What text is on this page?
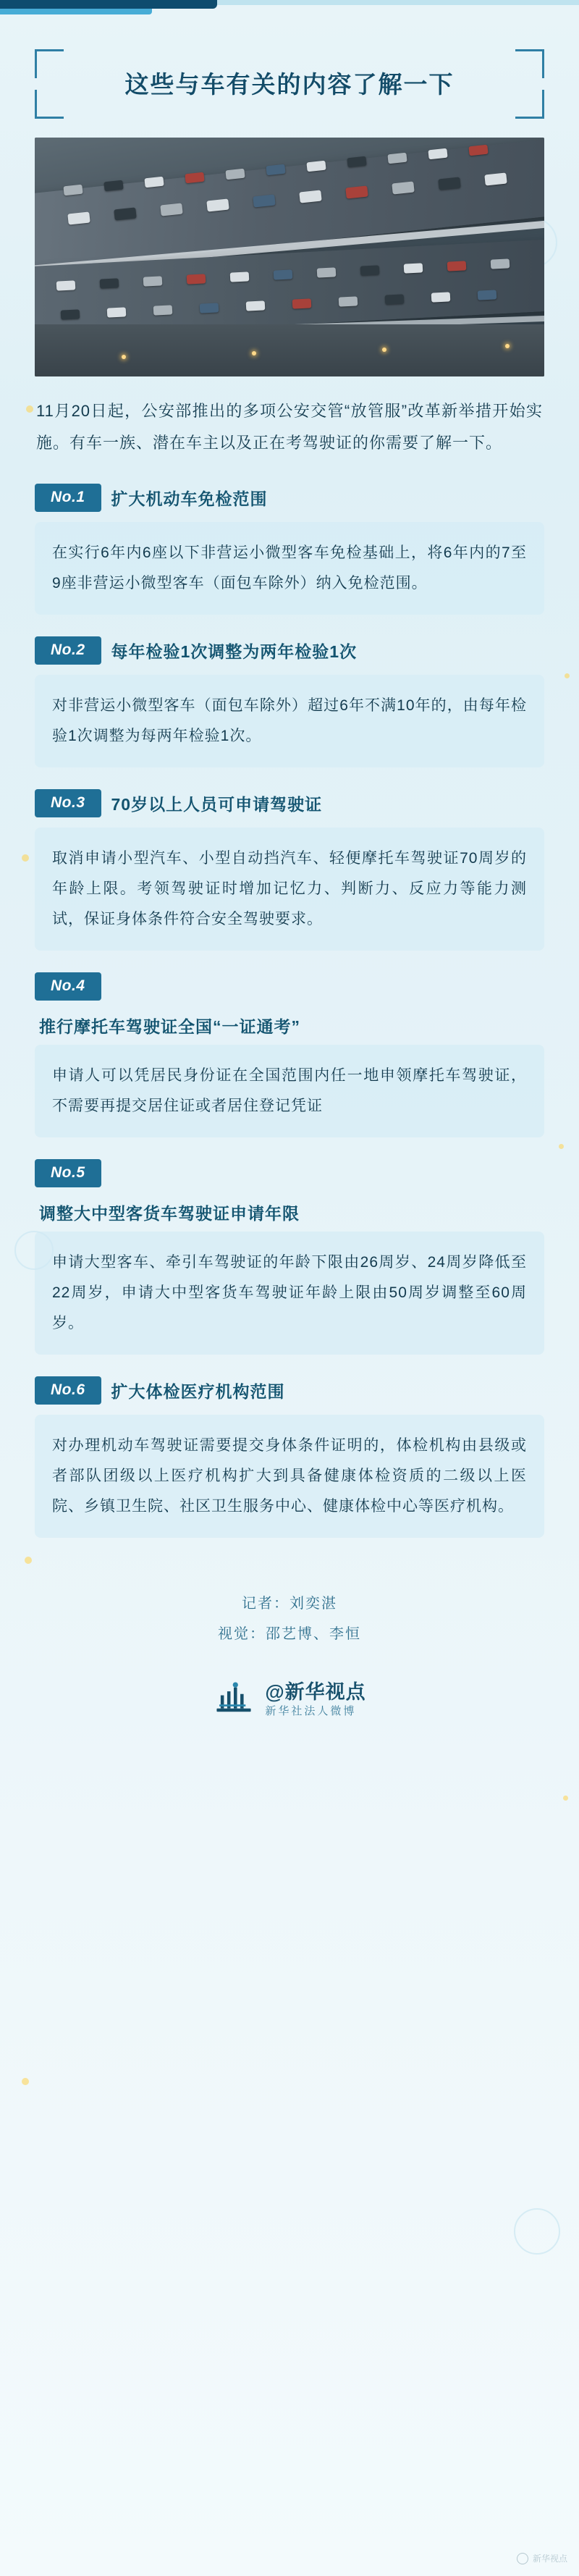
这些与车有关的内容了解一下

11月20日起，公安部推出的多项公安交管“放管服”改革新举措开始实施。有车一族、潜在车主以及正在考驾驶证的你需要了解一下。

No.1	扩大机动车免检范围
在实行6年内6座以下非营运小微型客车免检基础上，将6年内的7至9座非营运小微型客车（面包车除外）纳入免检范围。
No.2	每年检验1次调整为两年检验1次
对非营运小微型客车（面包车除外）超过6年不满10年的，由每年检验1次调整为每两年检验1次。
No.3	70岁以上人员可申请驾驶证
取消申请小型汽车、小型自动挡汽车、轻便摩托车驾驶证70周岁的年龄上限。考领驾驶证时增加记忆力、判断力、反应力等能力测试，保证身体条件符合安全驾驶要求。
No.4
推行摩托车驾驶证全国“一证通考”
申请人可以凭居民身份证在全国范围内任一地申领摩托车驾驶证，不需要再提交居住证或者居住登记凭证
No.5
调整大中型客货车驾驶证申请年限
申请大型客车、牵引车驾驶证的年龄下限由26周岁、24周岁降低至22周岁，申请大中型客货车驾驶证年龄上限由50周岁调整至60周岁。
No.6	扩大体检医疗机构范围
对办理机动车驾驶证需要提交身体条件证明的，体检机构由县级或者部队团级以上医疗机构扩大到具备健康体检资质的二级以上医院、乡镇卫生院、社区卫生服务中心、健康体检中心等医疗机构。
记者：刘奕湛
视觉：邵艺博、李恒
@新华视点
新华社法人微博
新华视点
